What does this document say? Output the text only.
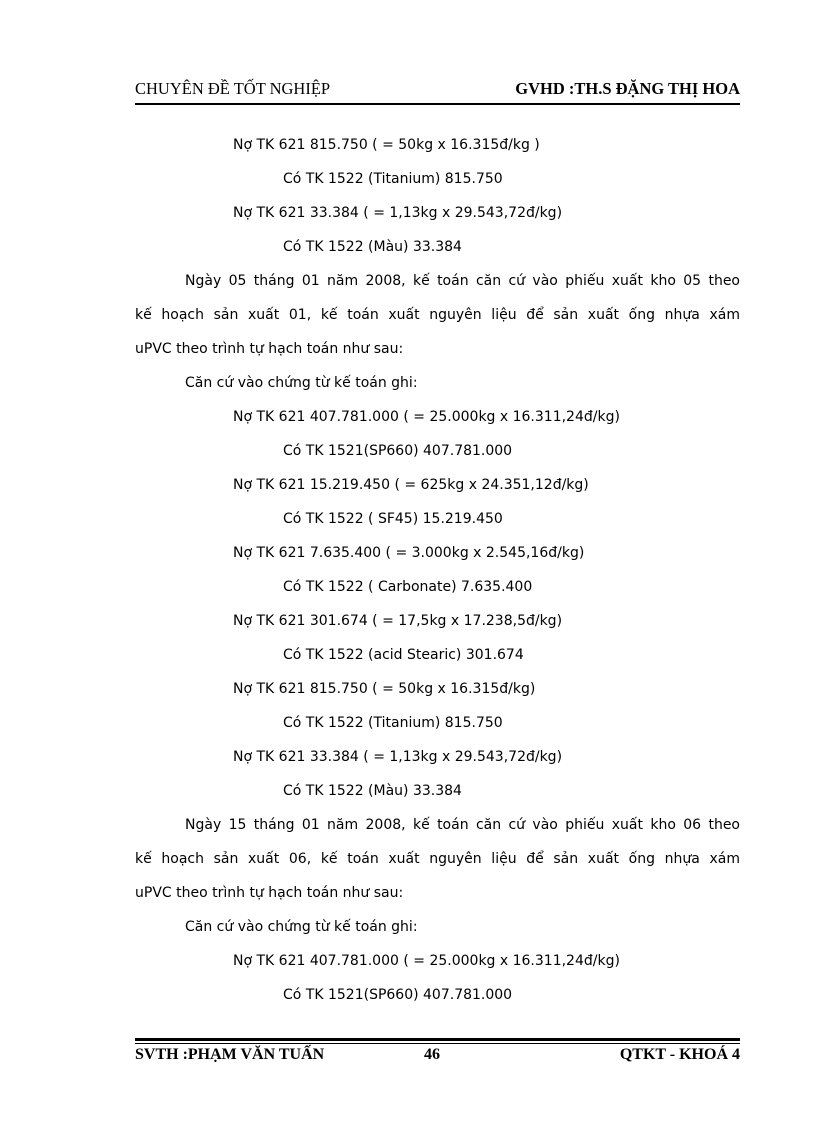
CHUYÊN ĐỀ TỐT NGHIỆP	GVHD :TH.S ĐẶNG THỊ HOA
Nợ TK 621 815.750 ( = 50kg x 16.315đ/kg )
Có TK 1522 (Titanium) 815.750
Nợ TK 621 33.384 ( = 1,13kg x 29.543,72đ/kg)
Có TK 1522 (Màu) 33.384
Ngày 05 tháng 01 năm 2008, kế toán căn cứ vào phiếu xuất kho 05 theo
kế hoạch sản xuất 01, kế toán xuất nguyên liệu để sản xuất ống nhựa xám
uPVC theo trình tự hạch toán như sau:
Căn cứ vào chứng từ kế toán ghi:
Nợ TK 621 407.781.000 ( = 25.000kg x 16.311,24đ/kg)
Có TK 1521(SP660) 407.781.000
Nợ TK 621 15.219.450 ( = 625kg x 24.351,12đ/kg)
Có TK 1522 ( SF45) 15.219.450
Nợ TK 621 7.635.400 ( = 3.000kg x 2.545,16đ/kg)
Có TK 1522 ( Carbonate) 7.635.400
Nợ TK 621 301.674 ( = 17,5kg x 17.238,5đ/kg)
Có TK 1522 (acid Stearic) 301.674
Nợ TK 621 815.750 ( = 50kg x 16.315đ/kg)
Có TK 1522 (Titanium) 815.750
Nợ TK 621 33.384 ( = 1,13kg x 29.543,72đ/kg)
Có TK 1522 (Màu) 33.384
Ngày 15 tháng 01 năm 2008, kế toán căn cứ vào phiếu xuất kho 06 theo
kế hoạch sản xuất 06, kế toán xuất nguyên liệu để sản xuất ống nhựa xám
uPVC theo trình tự hạch toán như sau:
Căn cứ vào chứng từ kế toán ghi:
Nợ TK 621 407.781.000 ( = 25.000kg x 16.311,24đ/kg)
Có TK 1521(SP660) 407.781.000
SVTH :PHẠM VĂN TUẤN	46	QTKT - KHOÁ 4
